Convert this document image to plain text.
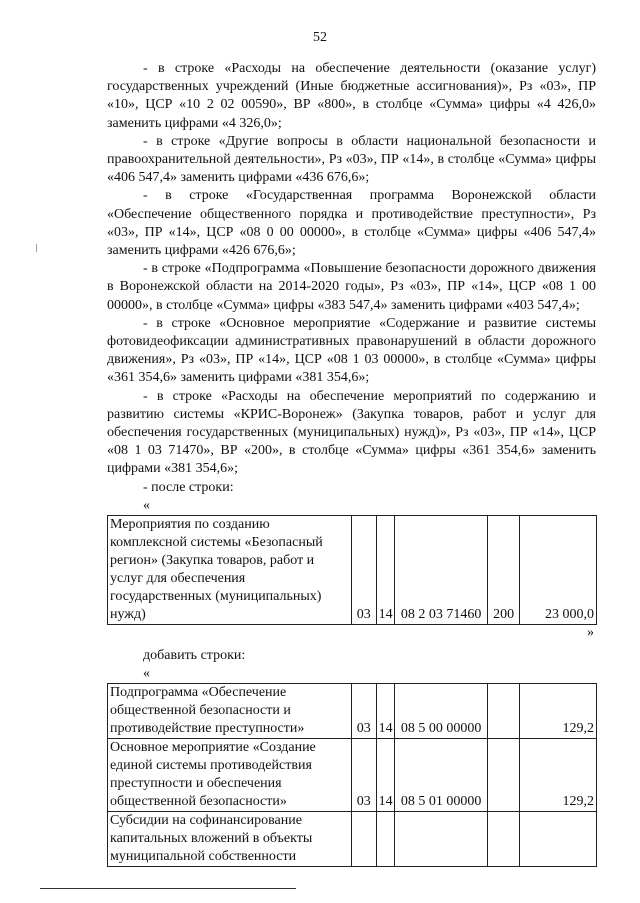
52

- в строке «Расходы на обеспечение деятельности (оказание услуг) государственных учреждений (Иные бюджетные ассигнования)», Рз «03», ПР «10», ЦСР «10 2 02 00590», ВР «800», в столбце «Сумма» цифры «4 426,0» заменить цифрами «4 326,0»;

- в строке «Другие вопросы в области национальной безопасности и правоохранительной деятельности», Рз «03», ПР «14», в столбце «Сумма» цифры «406 547,4» заменить цифрами «436 676,6»;

- в строке «Государственная программа Воронежской области «Обеспечение общественного порядка и противодействие преступности», Рз «03», ПР «14», ЦСР «08 0 00 00000», в столбце «Сумма» цифры «406 547,4» заменить цифрами «426 676,6»;

- в строке «Подпрограмма «Повышение безопасности дорожного движения в Воронежской области на 2014-2020 годы», Рз «03», ПР «14», ЦСР «08 1 00 00000», в столбце «Сумма» цифры «383 547,4» заменить цифрами «403 547,4»;

- в строке «Основное мероприятие «Содержание и развитие системы фотовидеофиксации административных правонарушений в области дорожного движения», Рз «03», ПР «14», ЦСР «08 1 03 00000», в столбце «Сумма» цифры «361 354,6» заменить цифрами «381 354,6»;

- в строке «Расходы на обеспечение мероприятий по содержанию и развитию системы «КРИС-Воронеж» (Закупка товаров, работ и услуг для обеспечения государственных (муниципальных) нужд)», Рз «03», ПР «14», ЦСР «08 1 03 71470», ВР «200», в столбце «Сумма» цифры «361 354,6» заменить цифрами «381 354,6»;

- после строки:

«

Мероприятия по созданию комплексной системы «Безопасный регион» (Закупка товаров, работ и услуг для обеспечения государственных (муниципальных) нужд)	03	14	08 2 03 71460	200	23 000,0

»

добавить строки:

«

Подпрограмма «Обеспечение общественной безопасности и противодействие преступности»	03	14	08 5 00 00000		129,2
Основное мероприятие «Создание единой системы противодействия преступности и обеспечения общественной безопасности»	03	14	08 5 01 00000		129,2
Субсидии на софинансирование капитальных вложений в объекты муниципальной собственности					
